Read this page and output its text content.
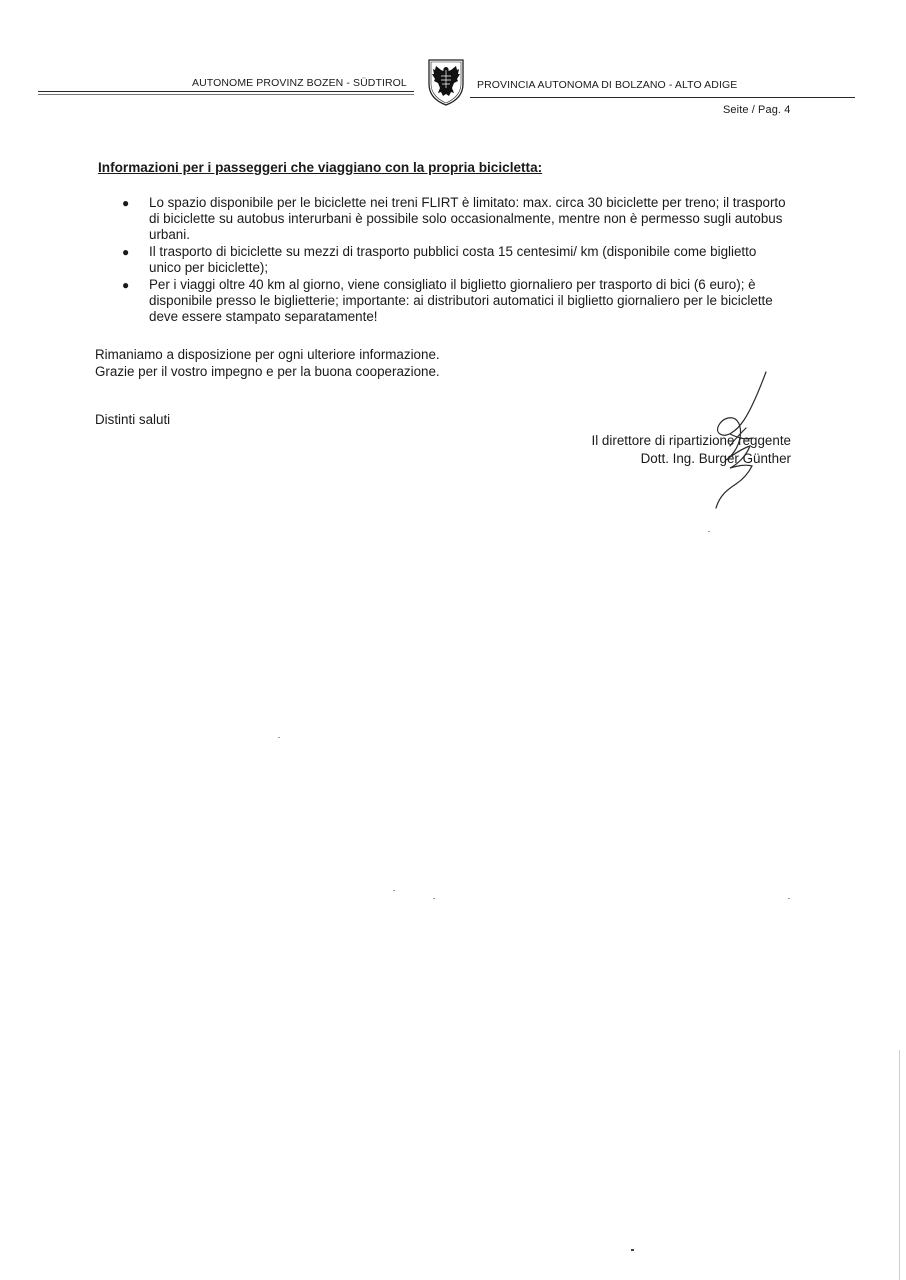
AUTONOME PROVINZ BOZEN - SÜDTIROL	PROVINCIA AUTONOMA DI BOLZANO - ALTO ADIGE
Seite / Pag. 4
Informazioni per i passeggeri che viaggiano con la propria bicicletta:
● Lo spazio disponibile per le biciclette nei treni FLIRT è limitato: max. circa 30 biciclette per treno; il trasporto di biciclette su autobus interurbani è possibile solo occasionalmente, mentre non è permesso sugli autobus urbani.
● Il trasporto di biciclette su mezzi di trasporto pubblici costa 15 centesimi/ km (disponibile come biglietto unico per biciclette);
● Per i viaggi oltre 40 km al giorno, viene consigliato il biglietto giornaliero per trasporto di bici (6 euro); è disponibile presso le biglietterie; importante: ai distributori automatici il biglietto giornaliero per le biciclette deve essere stampato separatamente!
Rimaniamo a disposizione per ogni ulteriore informazione.
Grazie per il vostro impegno e per la buona cooperazione.
Distinti saluti
Il direttore di ripartizione reggente
Dott. Ing. Burger Günther
